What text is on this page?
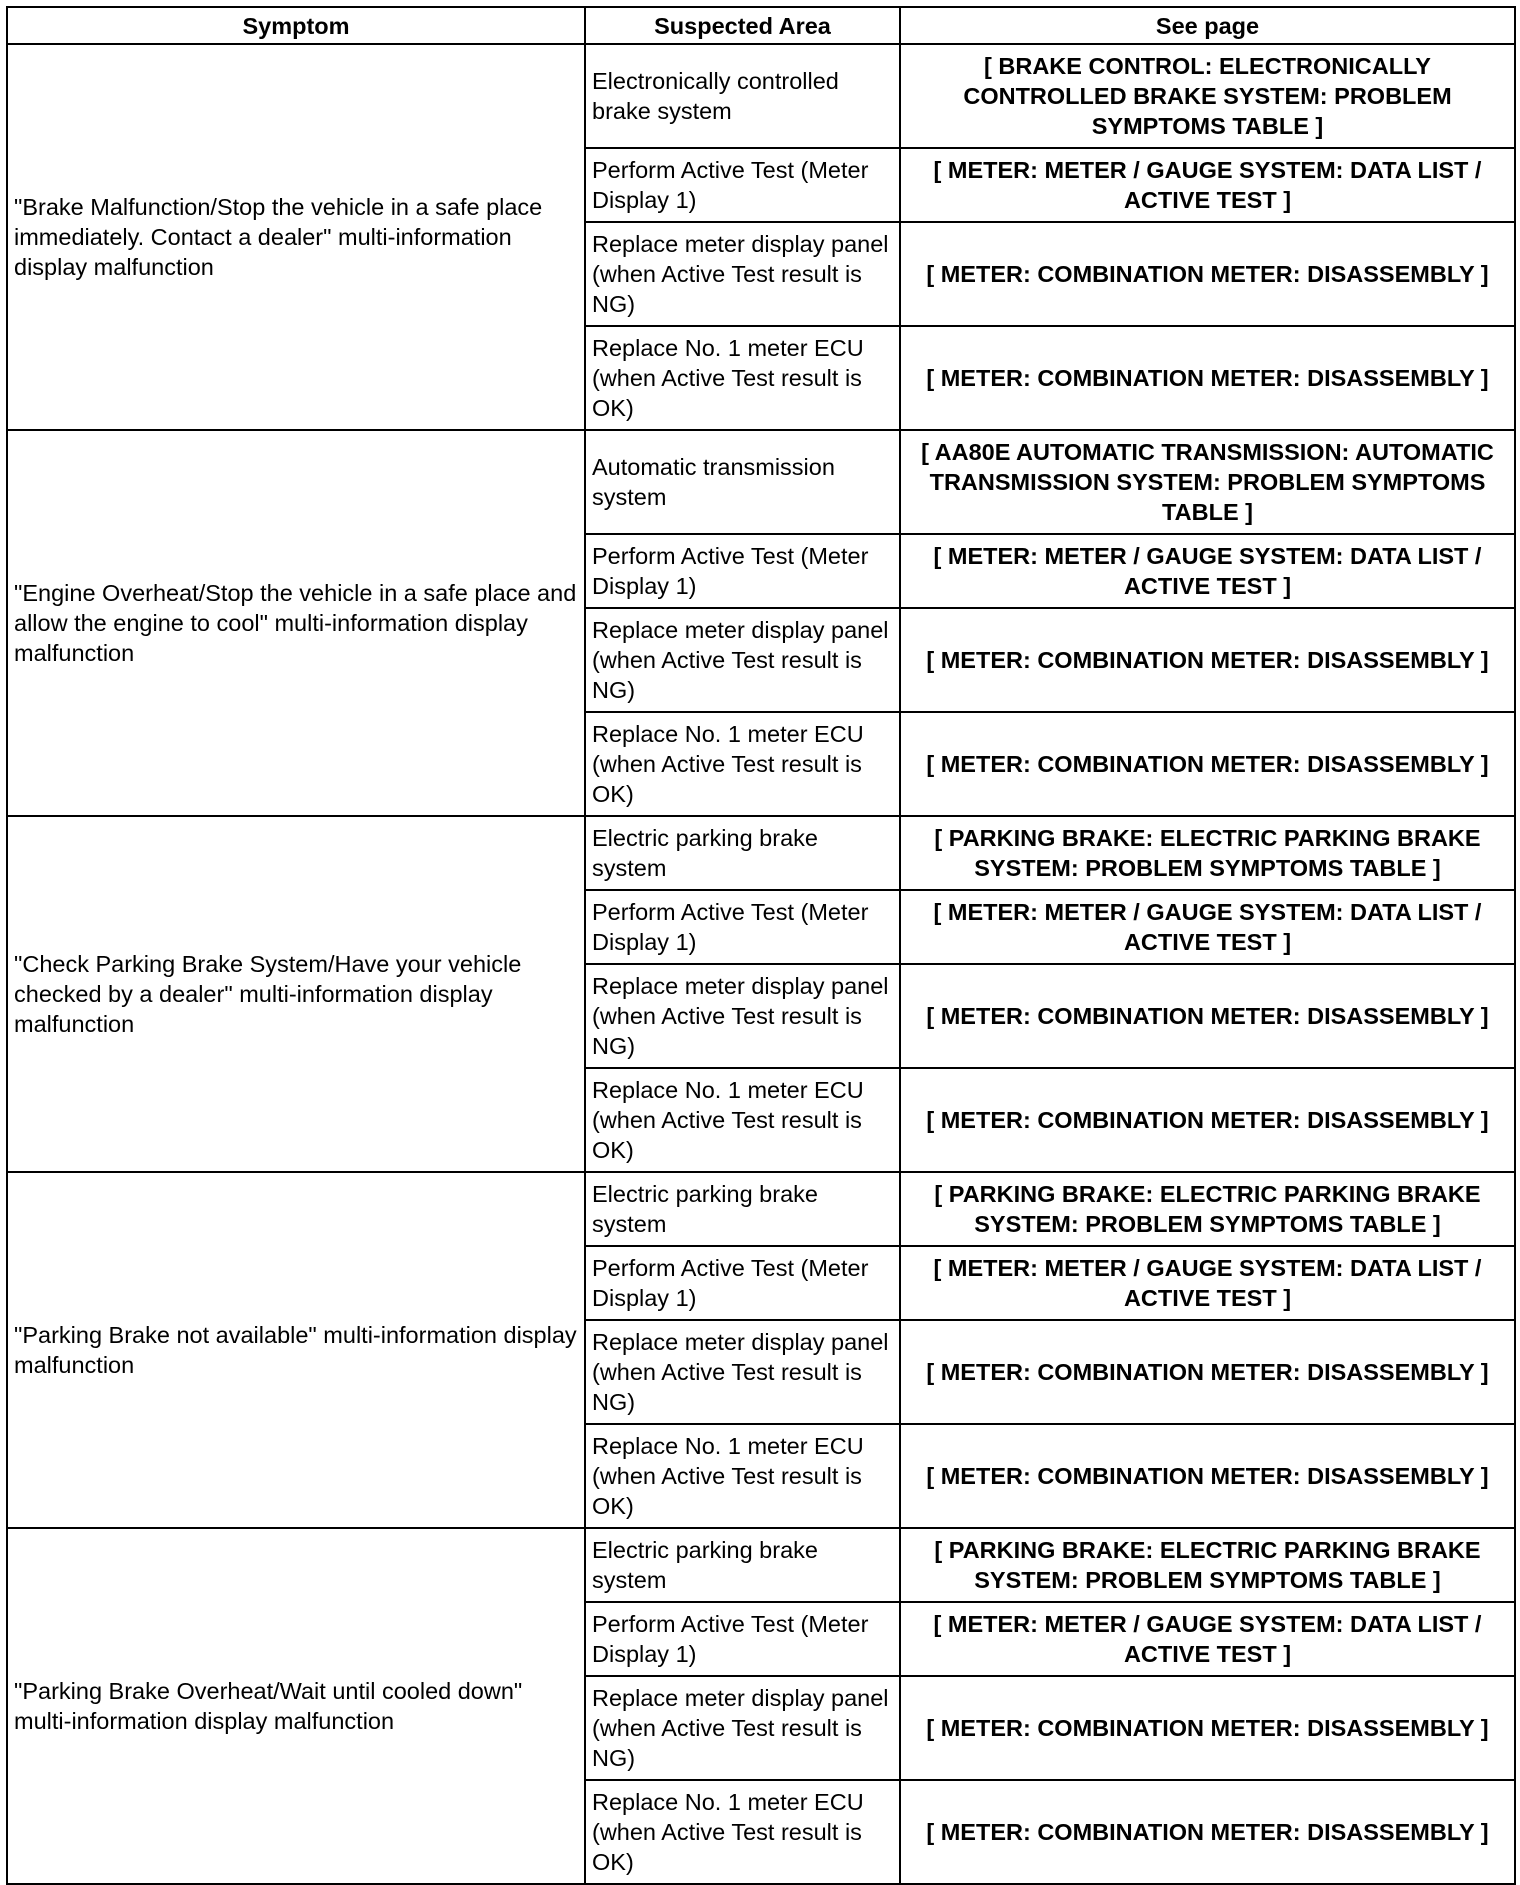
Symptom	Suspected Area	See page
"Brake Malfunction/Stop the vehicle in a safe place immediately. Contact a dealer" multi-information display malfunction	Electronically controlled brake system	[ BRAKE CONTROL: ELECTRONICALLY CONTROLLED BRAKE SYSTEM: PROBLEM SYMPTOMS TABLE ]
	Perform Active Test (Meter Display 1)	[ METER: METER / GAUGE SYSTEM: DATA LIST / ACTIVE TEST ]
	Replace meter display panel (when Active Test result is NG)	[ METER: COMBINATION METER: DISASSEMBLY ]
	Replace No. 1 meter ECU (when Active Test result is OK)	[ METER: COMBINATION METER: DISASSEMBLY ]
"Engine Overheat/Stop the vehicle in a safe place and allow the engine to cool" multi-information display malfunction	Automatic transmission system	[ AA80E AUTOMATIC TRANSMISSION: AUTOMATIC TRANSMISSION SYSTEM: PROBLEM SYMPTOMS TABLE ]
	Perform Active Test (Meter Display 1)	[ METER: METER / GAUGE SYSTEM: DATA LIST / ACTIVE TEST ]
	Replace meter display panel (when Active Test result is NG)	[ METER: COMBINATION METER: DISASSEMBLY ]
	Replace No. 1 meter ECU (when Active Test result is OK)	[ METER: COMBINATION METER: DISASSEMBLY ]
"Check Parking Brake System/Have your vehicle checked by a dealer" multi-information display malfunction	Electric parking brake system	[ PARKING BRAKE: ELECTRIC PARKING BRAKE SYSTEM: PROBLEM SYMPTOMS TABLE ]
	Perform Active Test (Meter Display 1)	[ METER: METER / GAUGE SYSTEM: DATA LIST / ACTIVE TEST ]
	Replace meter display panel (when Active Test result is NG)	[ METER: COMBINATION METER: DISASSEMBLY ]
	Replace No. 1 meter ECU (when Active Test result is OK)	[ METER: COMBINATION METER: DISASSEMBLY ]
"Parking Brake not available" multi-information display malfunction	Electric parking brake system	[ PARKING BRAKE: ELECTRIC PARKING BRAKE SYSTEM: PROBLEM SYMPTOMS TABLE ]
	Perform Active Test (Meter Display 1)	[ METER: METER / GAUGE SYSTEM: DATA LIST / ACTIVE TEST ]
	Replace meter display panel (when Active Test result is NG)	[ METER: COMBINATION METER: DISASSEMBLY ]
	Replace No. 1 meter ECU (when Active Test result is OK)	[ METER: COMBINATION METER: DISASSEMBLY ]
"Parking Brake Overheat/Wait until cooled down" multi-information display malfunction	Electric parking brake system	[ PARKING BRAKE: ELECTRIC PARKING BRAKE SYSTEM: PROBLEM SYMPTOMS TABLE ]
	Perform Active Test (Meter Display 1)	[ METER: METER / GAUGE SYSTEM: DATA LIST / ACTIVE TEST ]
	Replace meter display panel (when Active Test result is NG)	[ METER: COMBINATION METER: DISASSEMBLY ]
	Replace No. 1 meter ECU (when Active Test result is OK)	[ METER: COMBINATION METER: DISASSEMBLY ]
